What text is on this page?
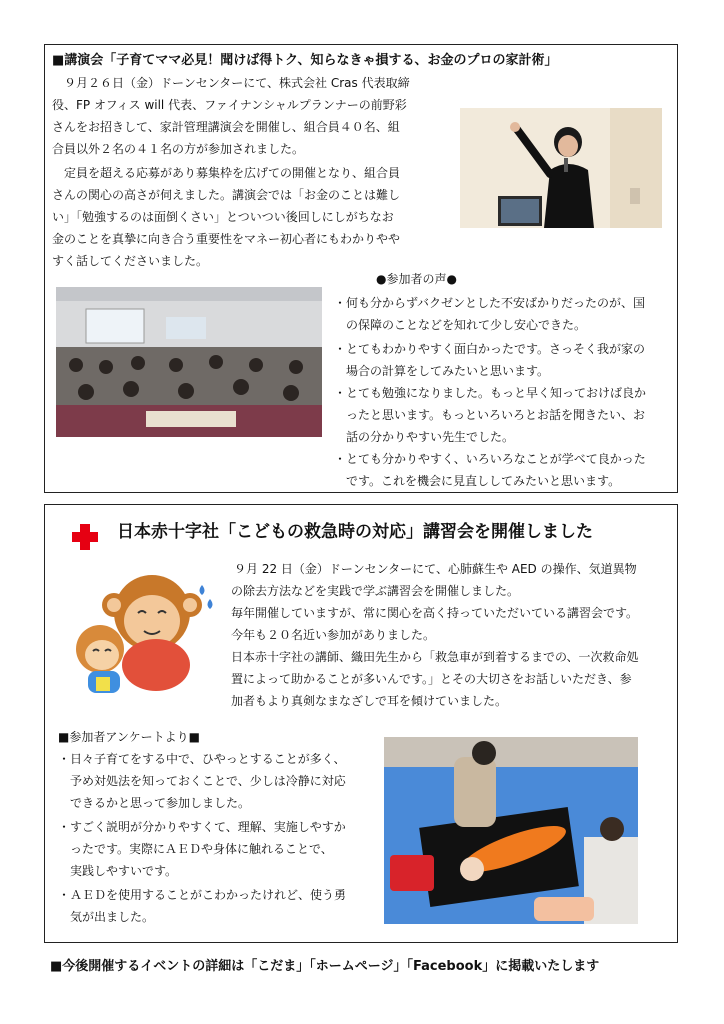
■講演会「子育てママ必見！聞けば得トク、知らなきゃ損する、お金のプロの家計術」
　９月２６日（金）ドーンセンターにて、株式会社 Cras 代表取締
役、FP オフィス will 代表、ファイナンシャルプランナーの前野彩
さんをお招きして、家計管理講演会を開催し、組合員４０名、組
合員以外２名の４１名の方が参加されました。
　定員を超える応募があり募集枠を広げての開催となり、組合員
さんの関心の高さが伺えました。講演会では「お金のことは難し
い」「勉強するのは面倒くさい」とついつい後回しにしがちなお
金のことを真摯に向き合う重要性をマネー初心者にもわかりやや
すく話してくださいました。
●参加者の声●
・何も分からずバクゼンとした不安ばかりだったのが、国
　の保障のことなどを知れて少し安心できた。
・とてもわかりやすく面白かったです。さっそく我が家の
　場合の計算をしてみたいと思います。
・とても勉強になりました。もっと早く知っておけば良か
　ったと思います。もっといろいろとお話を聞きたい、お
　話の分かりやすい先生でした。
・とても分かりやすく、いろいろなことが学べて良かった
　です。これを機会に見直ししてみたいと思います。
日本赤十字社「こどもの救急時の対応」講習会を開催しました
　９月 22 日（金）ドーンセンターにて、心肺蘇生や AED の操作、気道異物
の除去方法などを実践で学ぶ講習会を開催しました。
毎年開催していますが、常に関心を高く持っていただいている講習会です。
今年も２０名近い参加がありました。
日本赤十字社の講師、織田先生から「救急車が到着するまでの、一次救命処
置によって助かることが多いんです。」とその大切さをお話しいただき、参
加者もより真剣なまなざしで耳を傾けていました。
■参加者アンケートより■
・日々子育てをする中で、ひやっとすることが多く、
　予め対処法を知っておくことで、少しは冷静に対応
　できるかと思って参加しました。
・すごく説明が分かりやすくて、理解、実施しやすか
　ったです。実際にＡＥＤや身体に触れることで、
　実践しやすいです。
・ＡＥＤを使用することがこわかったけれど、使う勇
　気が出ました。
■今後開催するイベントの詳細は「こだま」「ホームページ」「Facebook」に掲載いたします
